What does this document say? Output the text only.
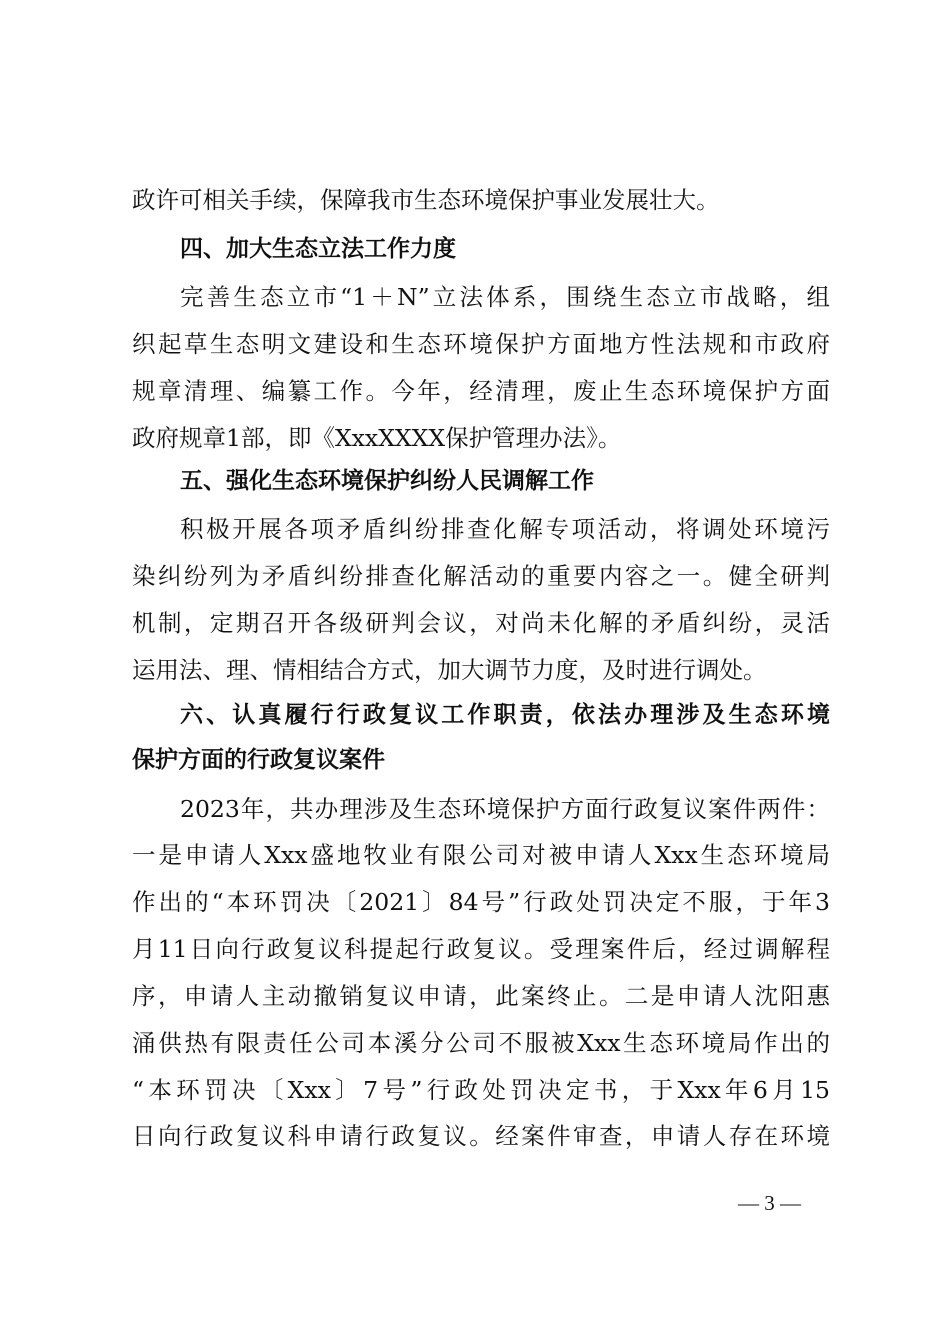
政许可相关手续，保障我市生态环境保护事业发展壮大。
四、加大生态立法工作力度
完善生态立市“1＋N”立法体系，围绕生态立市战略，组
织起草生态明文建设和生态环境保护方面地方性法规和市政府
规章清理、编纂工作。今年，经清理，废止生态环境保护方面
政府规章1部，即《XxxXXXX保护管理办法》。
五、强化生态环境保护纠纷人民调解工作
积极开展各项矛盾纠纷排查化解专项活动，将调处环境污
染纠纷列为矛盾纠纷排查化解活动的重要内容之一。健全研判
机制，定期召开各级研判会议，对尚未化解的矛盾纠纷，灵活
运用法、理、情相结合方式，加大调节力度，及时进行调处。
六、认真履行行政复议工作职责，依法办理涉及生态环境
保护方面的行政复议案件
2023年，共办理涉及生态环境保护方面行政复议案件两件：
一是申请人Xxx盛地牧业有限公司对被申请人Xxx生态环境局
作出的“本环罚决〔2021〕84号”行政处罚决定不服，于年3
月11日向行政复议科提起行政复议。受理案件后，经过调解程
序，申请人主动撤销复议申请，此案终止。二是申请人沈阳惠
涌供热有限责任公司本溪分公司不服被Xxx生态环境局作出的
“本环罚决〔Xxx〕7号”行政处罚决定书，于Xxx年6月15
日向行政复议科申请行政复议。经案件审查，申请人存在环境
— 3 —
